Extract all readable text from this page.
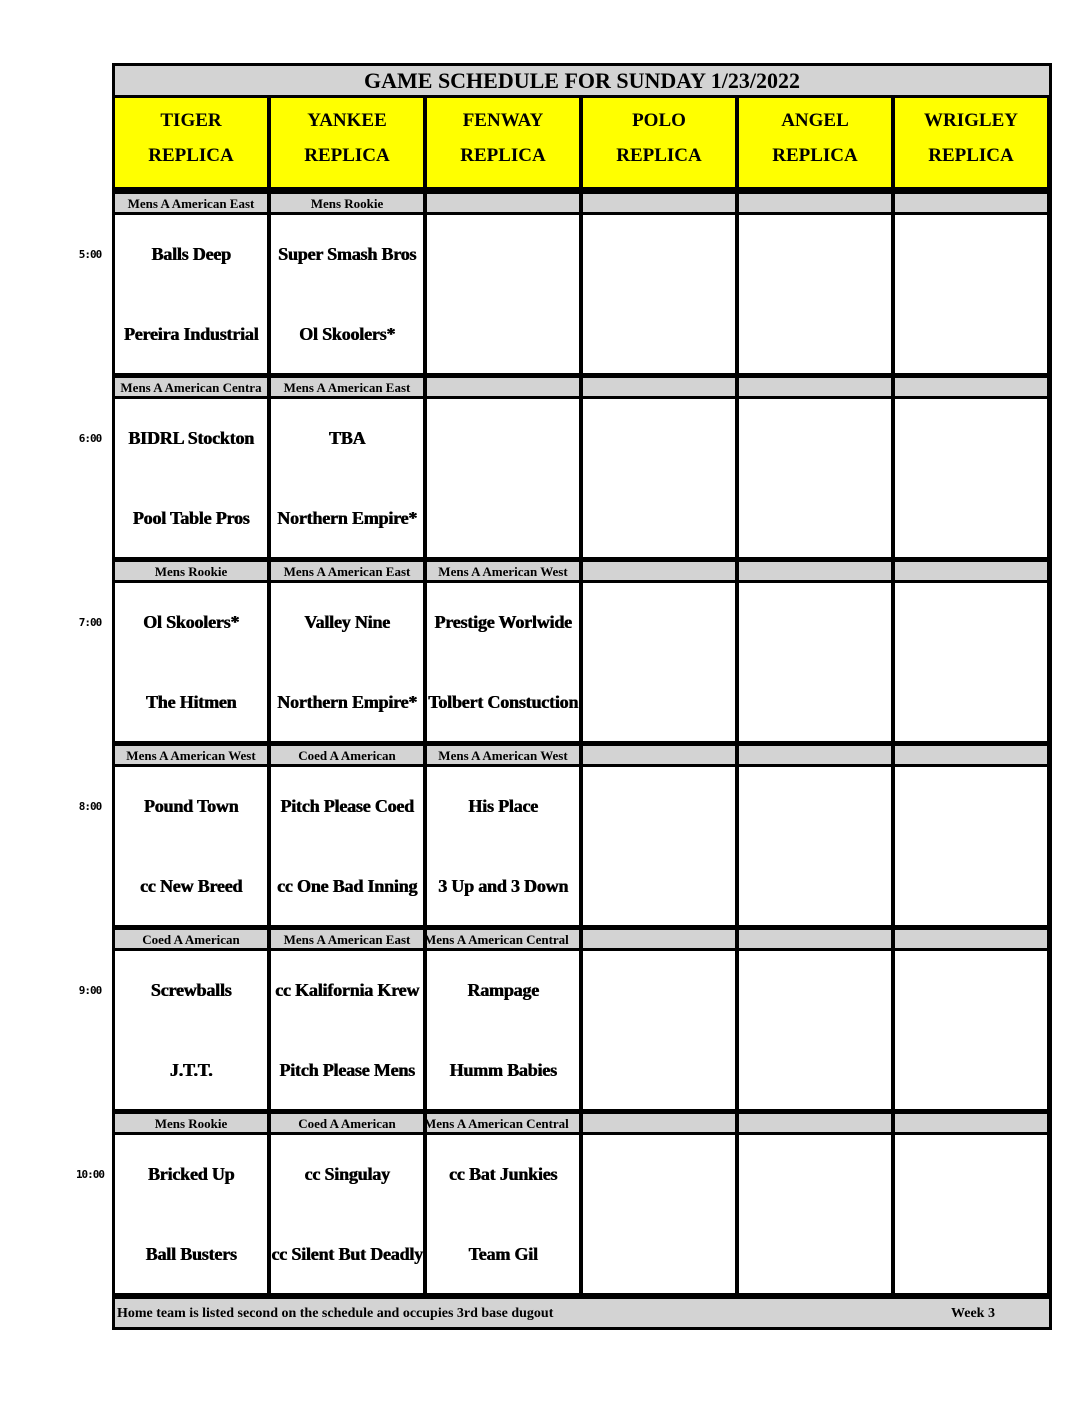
GAME SCHEDULE FOR SUNDAY 1/23/2022
TIGER
REPLICA
YANKEE
REPLICA
FENWAY
REPLICA
POLO
REPLICA
ANGEL
REPLICA
WRIGLEY
REPLICA
Mens A American East
Balls Deep
Pereira Industrial
Mens Rookie
Super Smash Bros
Ol Skoolers*
Mens A American Centra
BIDRL Stockton
Pool Table Pros
Mens A American East
TBA
Northern Empire*
Mens Rookie
Ol Skoolers*
The Hitmen
Mens A American East
Valley Nine
Northern Empire*
Mens A American West
Prestige Worlwide
Tolbert Constuction
Mens A American West
Pound Town
cc New Breed
Coed A American
Pitch Please Coed
cc One Bad Inning
Mens A American West
His Place
3 Up and 3 Down
Coed A American
Screwballs
J.T.T.
Mens A American East
cc Kalifornia Krew
Pitch Please Mens
Mens A American Central
Rampage
Humm Babies
Mens Rookie
Bricked Up
Ball Busters
Coed A American
cc Singulay
cc Silent But Deadly
Mens A American Central
cc Bat Junkies
Team Gil
Home team is listed second on the schedule and occupies 3rd base dugout	Week 3
5:00
6:00
7:00
8:00
9:00
10:00
